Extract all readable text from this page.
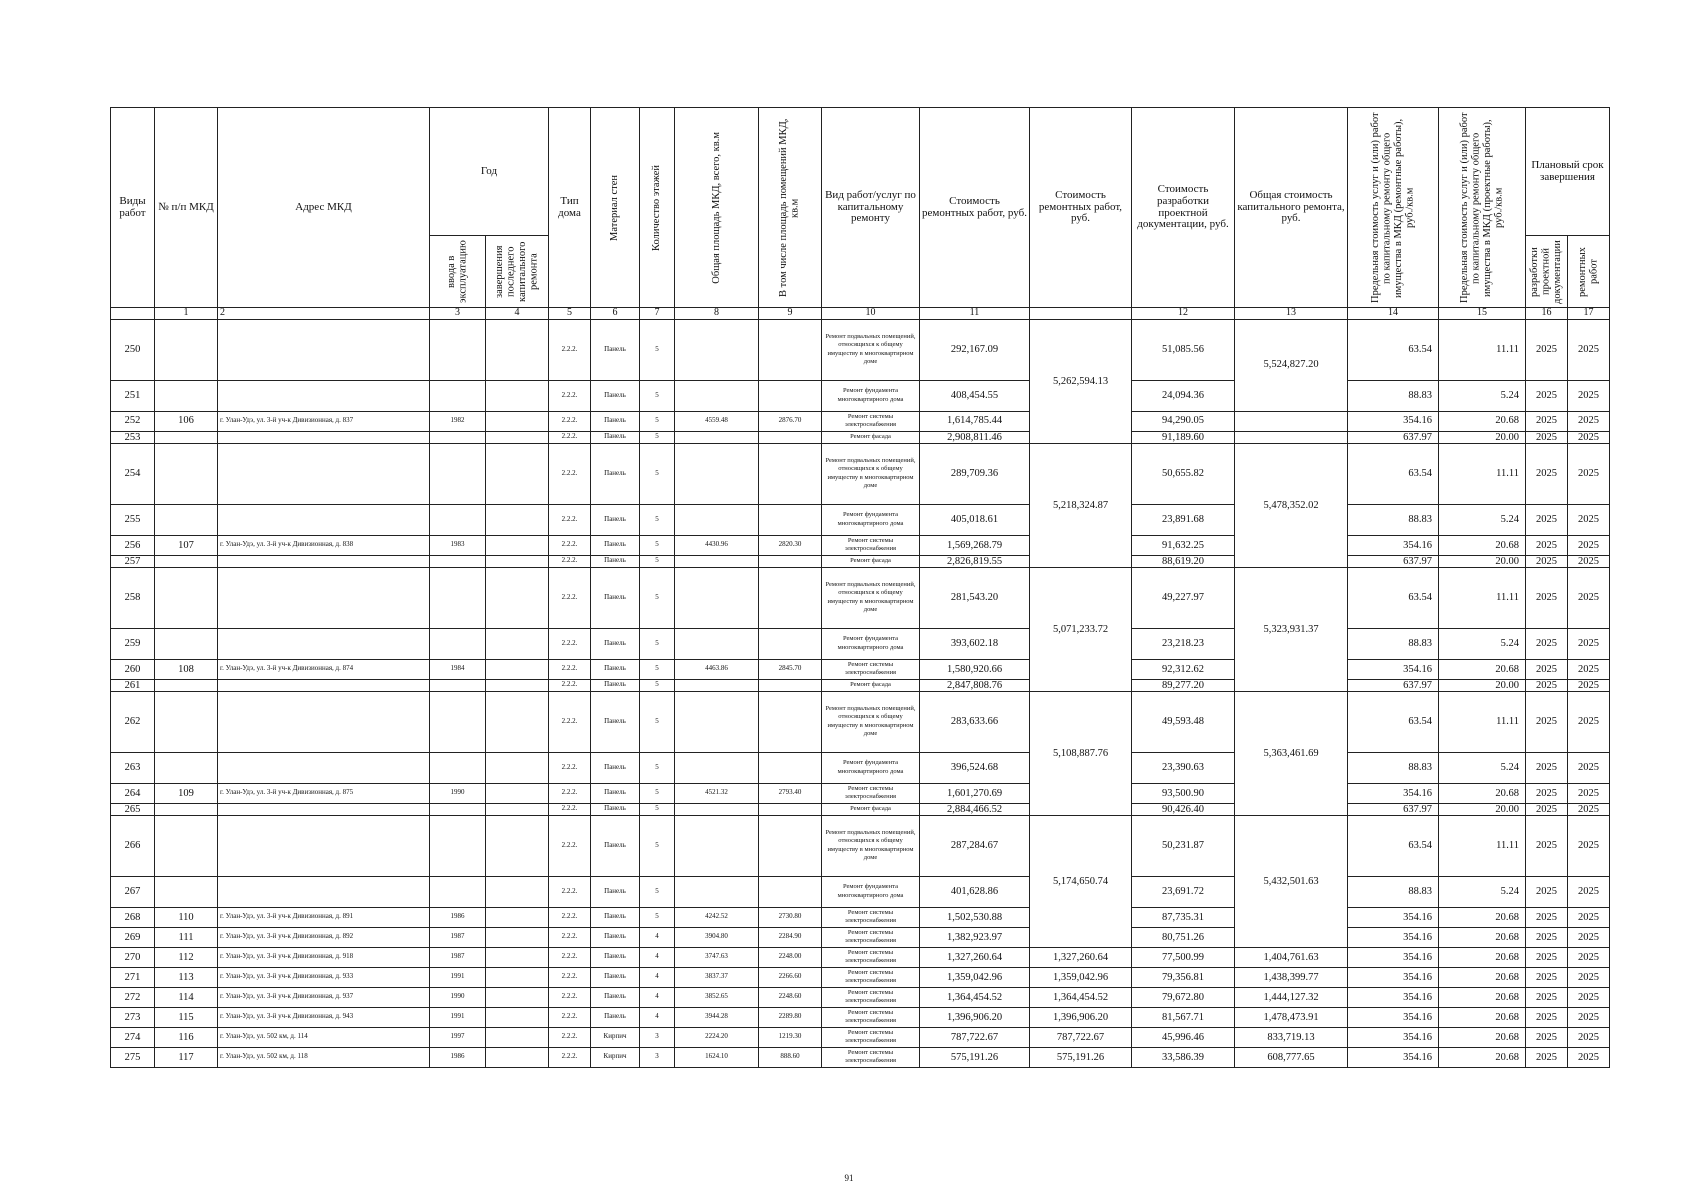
Виды работ	№ п/п МКД	Адрес МКД	Год		Тип дома	Материал стен	Количество этажей	Общая площадь МКД, всего, кв.м	В том числе площадь помещений МКД, кв.м	Вид работ/услуг по капитальному ремонту	Стоимость ремонтных работ, руб.	Стоимость ремонтных работ, руб.	Стоимость разработки проектной документации, руб.	Общая стоимость капитального ремонта, руб.	Предельная стоимость услуг и (или) работ по капитальному ремонту общего имущества в МКД (ремонтные работы), руб./кв.м	Предельная стоимость услуг и (или) работ по капитальному ремонту общего имущества в МКД (проектные работы), руб./кв.м	Плановый срок завершения	

			ввода в эксплуатацию	завершения последнего капитального ремонта													разработки проектной документации	ремонтных работ

	1	2	3	4	5	6	7	8	9	10	11		12	13	14	15	16	17
250					2.2.2.	Панель	5			Ремонт подвальных помещений, относящихся к общему имуществу в многоквартирном доме	292,167.09	5,262,594.13	51,085.56	5,524,827.20	63.54	11.11	2025	2025
251					2.2.2.	Панель	5			Ремонт фундамента многоквартирного дома	408,454.55		24,094.36		88.83	5.24	2025	2025
252	106	г. Улан-Удэ, ул. 3-й уч-к Дивизионная, д. 837	1982		2.2.2.	Панель	5	4559.48	2876.70	Ремонт системы электроснабжения	1,614,785.44		94,290.05		354.16	20.68	2025	2025
253					2.2.2.	Панель	5			Ремонт фасада	2,908,811.46		91,189.60		637.97	20.00	2025	2025
254					2.2.2.	Панель	5			Ремонт подвальных помещений, относящихся к общему имуществу в многоквартирном доме	289,709.36	5,218,324.87	50,655.82	5,478,352.02	63.54	11.11	2025	2025
255					2.2.2.	Панель	5			Ремонт фундамента многоквартирного дома	405,018.61		23,891.68		88.83	5.24	2025	2025
256	107	г. Улан-Удэ, ул. 3-й уч-к Дивизионная, д. 838	1983		2.2.2.	Панель	5	4430.96	2820.30	Ремонт системы электроснабжения	1,569,268.79		91,632.25		354.16	20.68	2025	2025
257					2.2.2.	Панель	5			Ремонт фасада	2,826,819.55		88,619.20		637.97	20.00	2025	2025
258					2.2.2.	Панель	5			Ремонт подвальных помещений, относящихся к общему имуществу в многоквартирном доме	281,543.20	5,071,233.72	49,227.97	5,323,931.37	63.54	11.11	2025	2025
259					2.2.2.	Панель	5			Ремонт фундамента многоквартирного дома	393,602.18		23,218.23		88.83	5.24	2025	2025
260	108	г. Улан-Удэ, ул. 3-й уч-к Дивизионная, д. 874	1984		2.2.2.	Панель	5	4463.86	2845.70	Ремонт системы электроснабжения	1,580,920.66		92,312.62		354.16	20.68	2025	2025
261					2.2.2.	Панель	5			Ремонт фасада	2,847,808.76		89,277.20		637.97	20.00	2025	2025
262					2.2.2.	Панель	5			Ремонт подвальных помещений, относящихся к общему имуществу в многоквартирном доме	283,633.66	5,108,887.76	49,593.48	5,363,461.69	63.54	11.11	2025	2025
263					2.2.2.	Панель	5			Ремонт фундамента многоквартирного дома	396,524.68		23,390.63		88.83	5.24	2025	2025
264	109	г. Улан-Удэ, ул. 3-й уч-к Дивизионная, д. 875	1990		2.2.2.	Панель	5	4521.32	2793.40	Ремонт системы электроснабжения	1,601,270.69		93,500.90		354.16	20.68	2025	2025
265					2.2.2.	Панель	5			Ремонт фасада	2,884,466.52		90,426.40		637.97	20.00	2025	2025
266					2.2.2.	Панель	5			Ремонт подвальных помещений, относящихся к общему имуществу в многоквартирном доме	287,284.67	5,174,650.74	50,231.87	5,432,501.63	63.54	11.11	2025	2025
267					2.2.2.	Панель	5			Ремонт фундамента многоквартирного дома	401,628.86		23,691.72		88.83	5.24	2025	2025
268	110	г. Улан-Удэ, ул. 3-й уч-к Дивизионная, д. 891	1986		2.2.2.	Панель	5	4242.52	2730.80	Ремонт системы электроснабжения	1,502,530.88		87,735.31		354.16	20.68	2025	2025
269	111	г. Улан-Удэ, ул. 3-й уч-к Дивизионная, д. 892	1987		2.2.2.	Панель	4	3904.80	2284.90	Ремонт системы электроснабжения	1,382,923.97		80,751.26		354.16	20.68	2025	2025
270	112	г. Улан-Удэ, ул. 3-й уч-к Дивизионная, д. 918	1987		2.2.2.	Панель	4	3747.63	2248.00	Ремонт системы электроснабжения	1,327,260.64	1,327,260.64	77,500.99	1,404,761.63	354.16	20.68	2025	2025
271	113	г. Улан-Удэ, ул. 3-й уч-к Дивизионная, д. 933	1991		2.2.2.	Панель	4	3837.37	2266.60	Ремонт системы электроснабжения	1,359,042.96	1,359,042.96	79,356.81	1,438,399.77	354.16	20.68	2025	2025
272	114	г. Улан-Удэ, ул. 3-й уч-к Дивизионная, д. 937	1990		2.2.2.	Панель	4	3852.65	2248.60	Ремонт системы электроснабжения	1,364,454.52	1,364,454.52	79,672.80	1,444,127.32	354.16	20.68	2025	2025
273	115	г. Улан-Удэ, ул. 3-й уч-к Дивизионная, д. 943	1991		2.2.2.	Панель	4	3944.28	2289.80	Ремонт системы электроснабжения	1,396,906.20	1,396,906.20	81,567.71	1,478,473.91	354.16	20.68	2025	2025
274	116	г. Улан-Удэ, ул. 502 км, д. 114	1997		2.2.2.	Кирпич	3	2224.20	1219.30	Ремонт системы электроснабжения	787,722.67	787,722.67	45,996.46	833,719.13	354.16	20.68	2025	2025
275	117	г. Улан-Удэ, ул. 502 км, д. 118	1986		2.2.2.	Кирпич	3	1624.10	888.60	Ремонт системы электроснабжения	575,191.26	575,191.26	33,586.39	608,777.65	354.16	20.68	2025	2025
91
